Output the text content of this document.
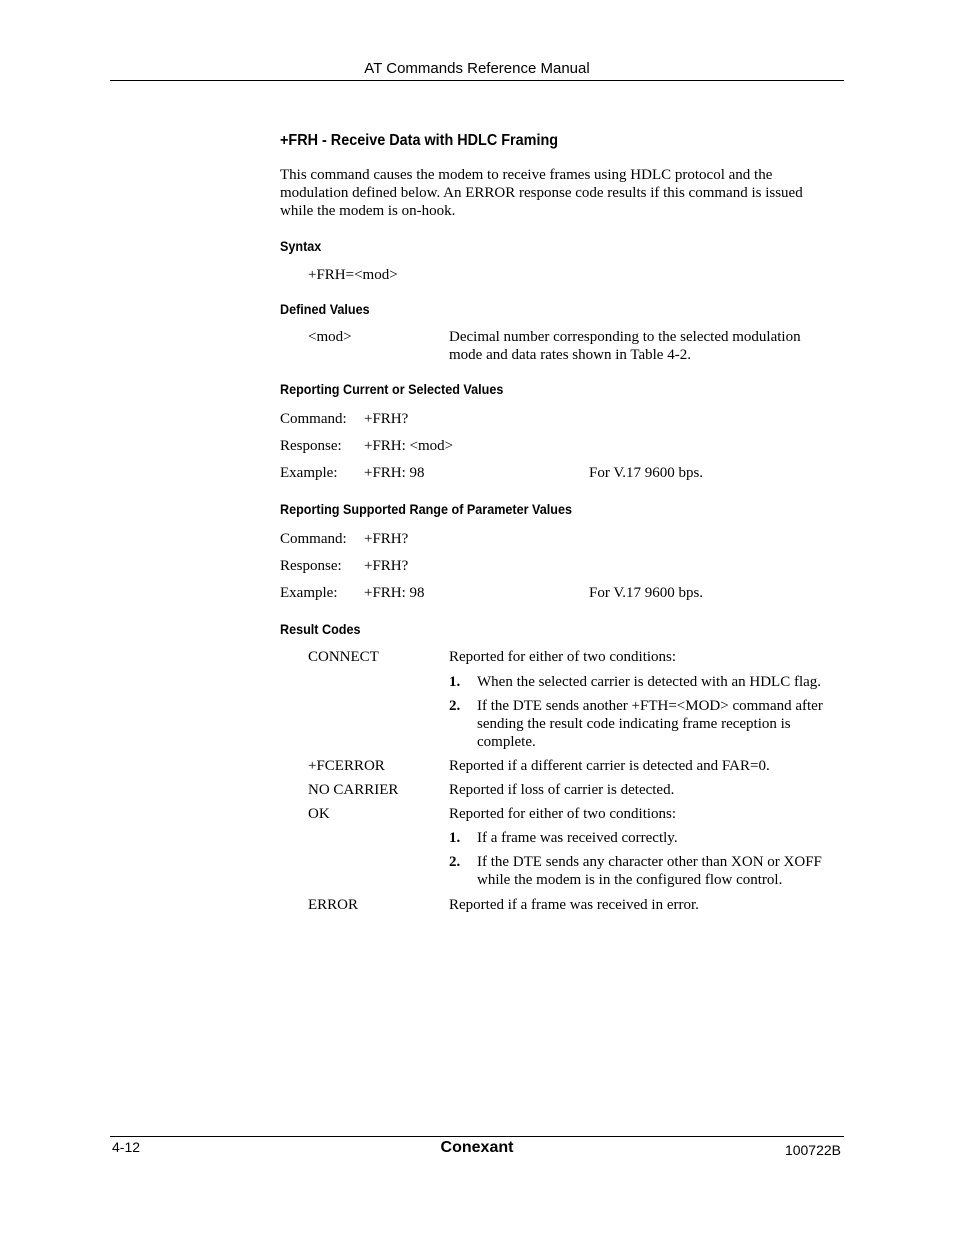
AT Commands Reference Manual
+FRH - Receive Data with HDLC Framing
This command causes the modem to receive frames using HDLC protocol and the
modulation defined below. An ERROR response code results if this command is issued
while the modem is on-hook.
Syntax
+FRH=<mod>
Defined Values
<mod>	Decimal number corresponding to the selected modulation
mode and data rates shown in Table 4-2.
Reporting Current or Selected Values
Command: +FRH?
Response: +FRH: <mod>
Example: +FRH: 98	For V.17 9600 bps.
Reporting Supported Range of Parameter Values
Command: +FRH?
Response: +FRH?
Example: +FRH: 98	For V.17 9600 bps.
Result Codes
CONNECT	Reported for either of two conditions:
1. When the selected carrier is detected with an HDLC flag.
2. If the DTE sends another +FTH=<MOD> command after
sending the result code indicating frame reception is
complete.
+FCERROR	Reported if a different carrier is detected and FAR=0.
NO CARRIER	Reported if loss of carrier is detected.
OK	Reported for either of two conditions:
1. If a frame was received correctly.
2. If the DTE sends any character other than XON or XOFF
while the modem is in the configured flow control.
ERROR	Reported if a frame was received in error.
4-12	Conexant	100722B
